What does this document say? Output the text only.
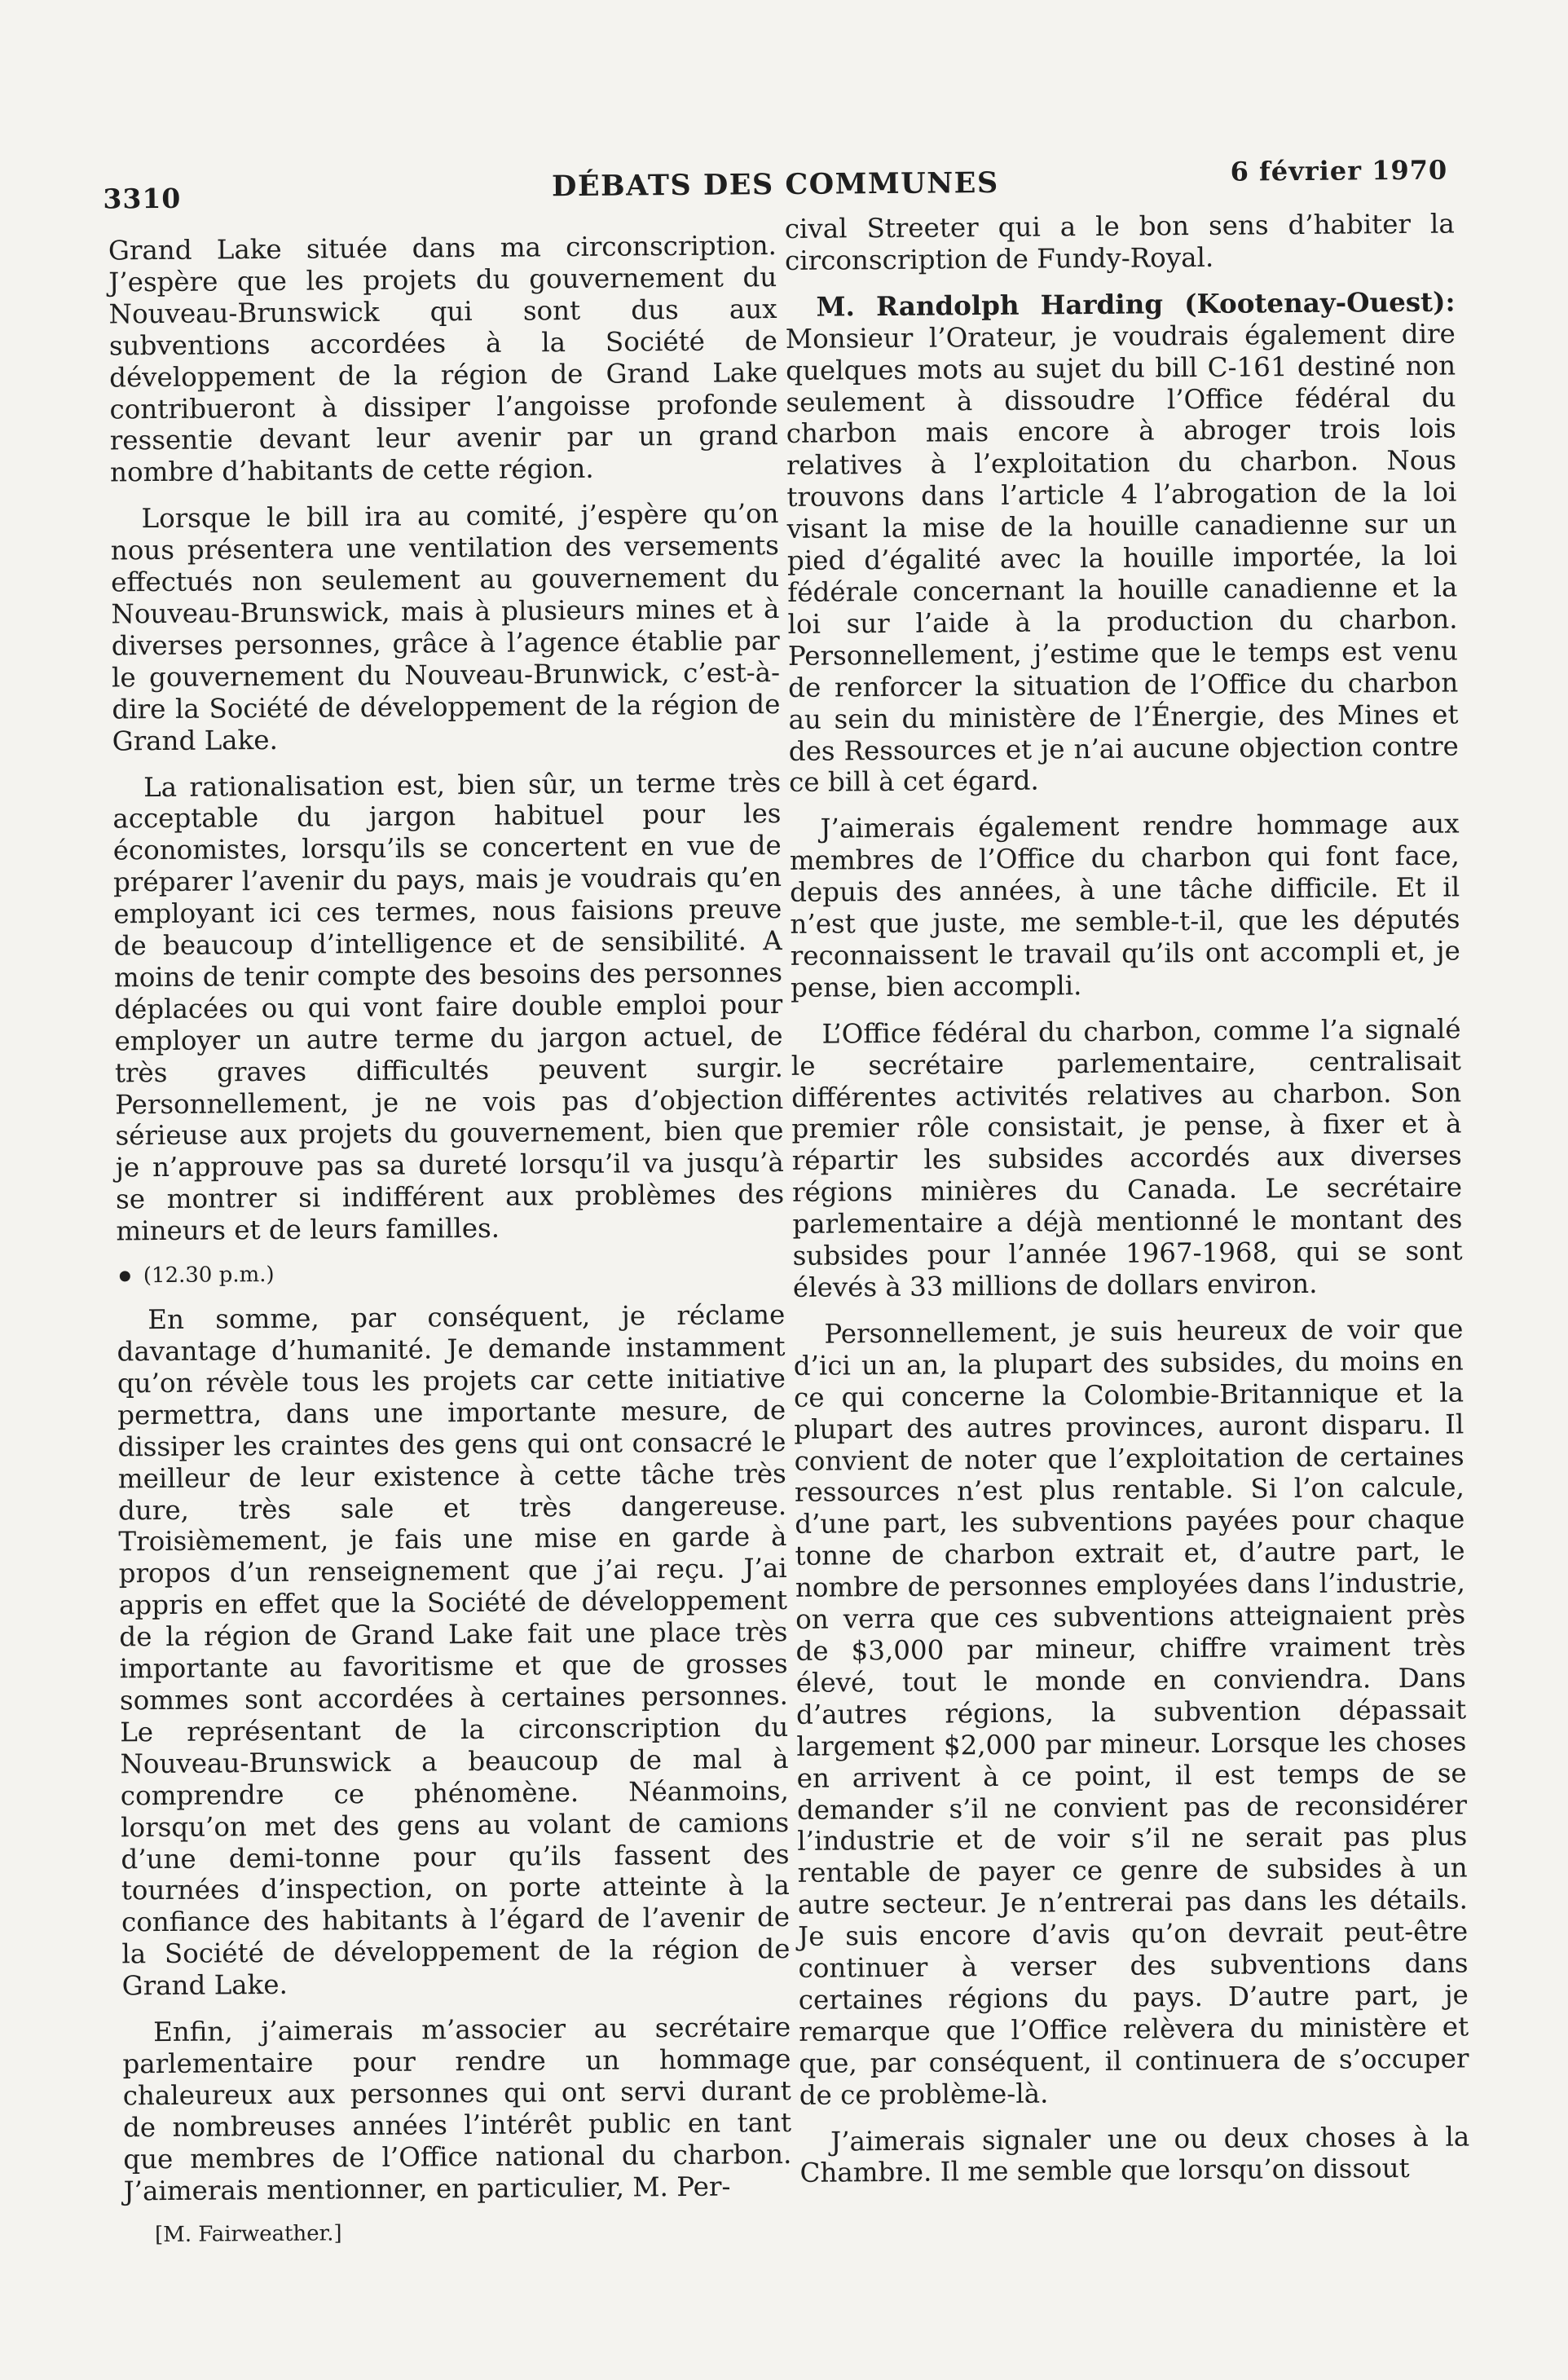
3310	DÉBATS DES COMMUNES	6 février 1970

Grand Lake située dans ma circonscription. J’espère que les projets du gouvernement du Nouveau-Brunswick qui sont dus aux subventions accordées à la Société de développement de la région de Grand Lake contribueront à dissiper l’angoisse profonde ressentie devant leur avenir par un grand nombre d’habitants de cette région.

Lorsque le bill ira au comité, j’espère qu’on nous présentera une ventilation des versements effectués non seulement au gouvernement du Nouveau-Brunswick, mais à plusieurs mines et à diverses personnes, grâce à l’agence établie par le gouvernement du Nouveau-Brunwick, c’est-à-dire la Société de développement de la région de Grand Lake.

La rationalisation est, bien sûr, un terme très acceptable du jargon habituel pour les économistes, lorsqu’ils se concertent en vue de préparer l’avenir du pays, mais je voudrais qu’en employant ici ces termes, nous faisions preuve de beaucoup d’intelligence et de sensibilité. A moins de tenir compte des besoins des personnes déplacées ou qui vont faire double emploi pour employer un autre terme du jargon actuel, de très graves difficultés peuvent surgir. Personnellement, je ne vois pas d’objection sérieuse aux projets du gouvernement, bien que je n’approuve pas sa dureté lorsqu’il va jusqu’à se montrer si indifférent aux problèmes des mineurs et de leurs familles.

(12.30 p.m.)

En somme, par conséquent, je réclame davantage d’humanité. Je demande instamment qu’on révèle tous les projets car cette initiative permettra, dans une importante mesure, de dissiper les craintes des gens qui ont consacré le meilleur de leur existence à cette tâche très dure, très sale et très dangereuse. Troisièmement, je fais une mise en garde à propos d’un renseignement que j’ai reçu. J’ai appris en effet que la Société de développement de la région de Grand Lake fait une place très importante au favoritisme et que de grosses sommes sont accordées à certaines personnes. Le représentant de la circonscription du Nouveau-Brunswick a beaucoup de mal à comprendre ce phénomène. Néanmoins, lorsqu’on met des gens au volant de camions d’une demi-tonne pour qu’ils fassent des tournées d’inspection, on porte atteinte à la confiance des habitants à l’égard de l’avenir de la Société de développement de la région de Grand Lake.

Enfin, j’aimerais m’associer au secrétaire parlementaire pour rendre un hommage chaleureux aux personnes qui ont servi durant de nombreuses années l’intérêt public en tant que membres de l’Office national du charbon. J’aimerais mentionner, en particulier, M. Per-

[M. Fairweather.]

cival Streeter qui a le bon sens d’habiter la circonscription de Fundy-Royal.

M. Randolph Harding (Kootenay-Ouest): Monsieur l’Orateur, je voudrais également dire quelques mots au sujet du bill C-161 destiné non seulement à dissoudre l’Office fédéral du charbon mais encore à abroger trois lois relatives à l’exploitation du charbon. Nous trouvons dans l’article 4 l’abrogation de la loi visant la mise de la houille canadienne sur un pied d’égalité avec la houille importée, la loi fédérale concernant la houille canadienne et la loi sur l’aide à la production du charbon. Personnellement, j’estime que le temps est venu de renforcer la situation de l’Office du charbon au sein du ministère de l’Énergie, des Mines et des Ressources et je n’ai aucune objection contre ce bill à cet égard.

J’aimerais également rendre hommage aux membres de l’Office du charbon qui font face, depuis des années, à une tâche difficile. Et il n’est que juste, me semble-t-il, que les députés reconnaissent le travail qu’ils ont accompli et, je pense, bien accompli.

L’Office fédéral du charbon, comme l’a signalé le secrétaire parlementaire, centralisait différentes activités relatives au charbon. Son premier rôle consistait, je pense, à fixer et à répartir les subsides accordés aux diverses régions minières du Canada. Le secrétaire parlementaire a déjà mentionné le montant des subsides pour l’année 1967-1968, qui se sont élevés à 33 millions de dollars environ.

Personnellement, je suis heureux de voir que d’ici un an, la plupart des subsides, du moins en ce qui concerne la Colombie-Britannique et la plupart des autres provinces, auront disparu. Il convient de noter que l’exploitation de certaines ressources n’est plus rentable. Si l’on calcule, d’une part, les subventions payées pour chaque tonne de charbon extrait et, d’autre part, le nombre de personnes employées dans l’industrie, on verra que ces subventions atteignaient près de $3,000 par mineur, chiffre vraiment très élevé, tout le monde en conviendra. Dans d’autres régions, la subvention dépassait largement $2,000 par mineur. Lorsque les choses en arrivent à ce point, il est temps de se demander s’il ne convient pas de reconsidérer l’industrie et de voir s’il ne serait pas plus rentable de payer ce genre de subsides à un autre secteur. Je n’entrerai pas dans les détails. Je suis encore d’avis qu’on devrait peut-être continuer à verser des subventions dans certaines régions du pays. D’autre part, je remarque que l’Office relèvera du ministère et que, par conséquent, il continuera de s’occuper de ce problème-là.

J’aimerais signaler une ou deux choses à la Chambre. Il me semble que lorsqu’on dissout
